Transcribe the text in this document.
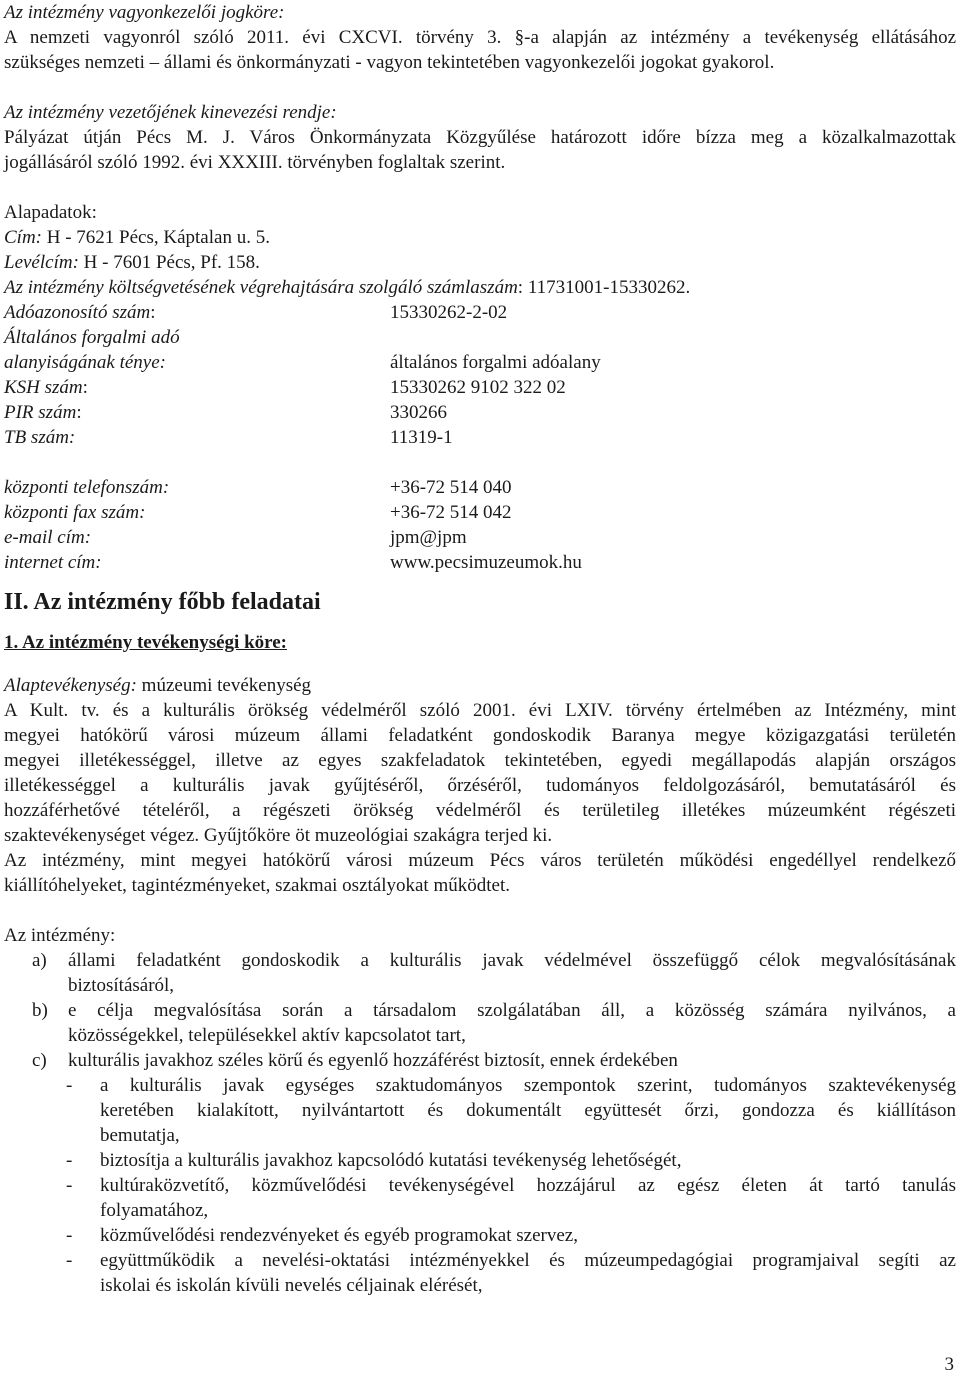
Az intézmény vagyonkezelői jogköre:
A nemzeti vagyonról szóló 2011. évi CXCVI. törvény 3. §-a alapján az intézmény a tevékenység ellátásához
szükséges nemzeti – állami és önkormányzati - vagyon tekintetében vagyonkezelői jogokat gyakorol.
Az intézmény vezetőjének kinevezési rendje:
Pályázat útján Pécs M. J. Város Önkormányzata Közgyűlése határozott időre bízza meg a közalkalmazottak
jogállásáról szóló 1992. évi XXXIII. törvényben foglaltak szerint.
Alapadatok:
Cím: H - 7621 Pécs, Káptalan u. 5.
Levélcím: H - 7601 Pécs, Pf. 158.
Az intézmény költségvetésének végrehajtására szolgáló számlaszám: 11731001-15330262.
Adóazonosító szám:	15330262-2-02
Általános forgalmi adó
alanyiságának ténye:	általános forgalmi adóalany
KSH szám:	15330262 9102 322 02
PIR szám:	330266
TB szám:	11319-1
központi telefonszám:	+36-72 514 040
központi fax szám:	+36-72 514 042
e-mail cím:	jpm@jpm
internet cím:	www.pecsimuzeumok.hu
II. Az intézmény főbb feladatai
1. Az intézmény tevékenységi köre:
Alaptevékenység: múzeumi tevékenység
A Kult. tv. és a kulturális örökség védelméről szóló 2001. évi LXIV. törvény értelmében az Intézmény, mint
megyei hatókörű városi múzeum állami feladatként gondoskodik Baranya megye közigazgatási területén
megyei illetékességgel, illetve az egyes szakfeladatok tekintetében, egyedi megállapodás alapján országos
illetékességgel a kulturális javak gyűjtéséről, őrzéséről, tudományos feldolgozásáról, bemutatásáról és
hozzáférhetővé tételéről, a régészeti örökség védelméről és területileg illetékes múzeumként régészeti
szaktevékenységet végez. Gyűjtőköre öt muzeológiai szakágra terjed ki.
Az intézmény, mint megyei hatókörű városi múzeum Pécs város területén működési engedéllyel rendelkező
kiállítóhelyeket, tagintézményeket, szakmai osztályokat működtet.
Az intézmény:
a)	állami feladatként gondoskodik a kulturális javak védelmével összefüggő célok megvalósításának
biztosításáról,
b)	e célja megvalósítása során a társadalom szolgálatában áll, a közösség számára nyilvános, a
közösségekkel, településekkel aktív kapcsolatot tart,
c)	kulturális javakhoz széles körű és egyenlő hozzáférést biztosít, ennek érdekében
-	a kulturális javak egységes szaktudományos szempontok szerint, tudományos szaktevékenység
keretében kialakított, nyilvántartott és dokumentált együttesét őrzi, gondozza és kiállításon
bemutatja,
-	biztosítja a kulturális javakhoz kapcsolódó kutatási tevékenység lehetőségét,
-	kultúraközvetítő, közművelődési tevékenységével hozzájárul az egész életen át tartó tanulás
folyamatához,
-	közművelődési rendezvényeket és egyéb programokat szervez,
-	együttműködik a nevelési-oktatási intézményekkel és múzeumpedagógiai programjaival segíti az
iskolai és iskolán kívüli nevelés céljainak elérését,
3
